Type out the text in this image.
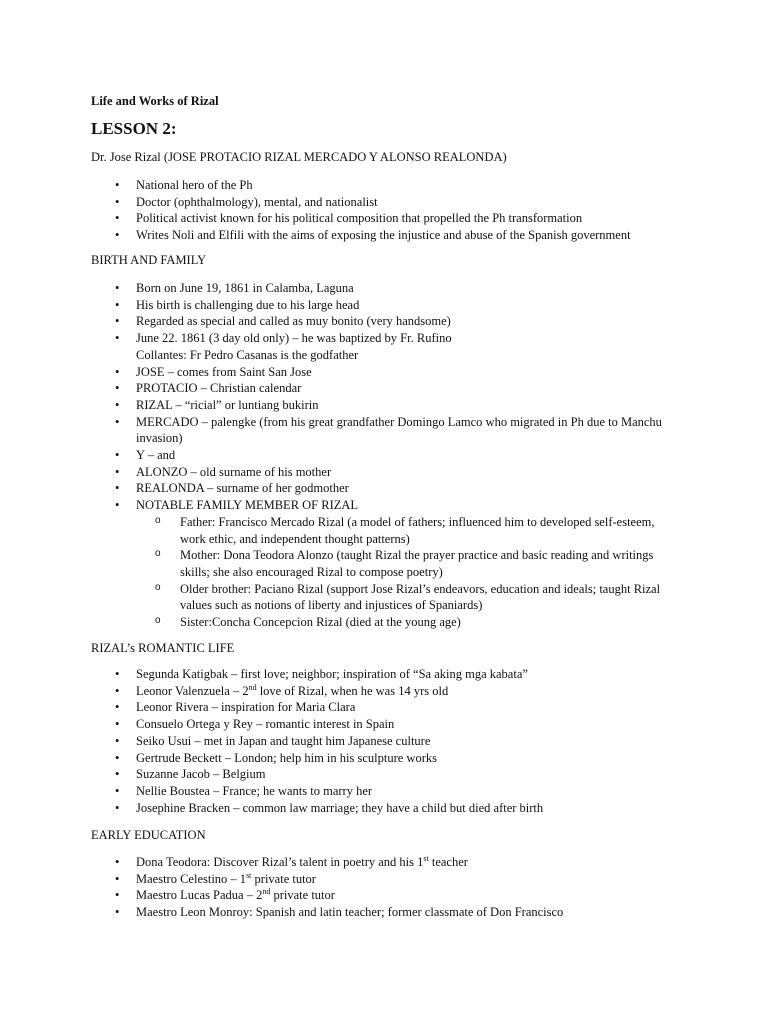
Life and Works of Rizal
LESSON 2:
Dr. Jose Rizal (JOSE PROTACIO RIZAL MERCADO Y ALONSO REALONDA)
• National hero of the Ph
• Doctor (ophthalmology), mental, and nationalist
• Political activist known for his political composition that propelled the Ph transformation
• Writes Noli and Elfili with the aims of exposing the injustice and abuse of the Spanish government
BIRTH AND FAMILY
• Born on June 19, 1861 in Calamba, Laguna
• His birth is challenging due to his large head
• Regarded as special and called as muy bonito (very handsome)
• June 22. 1861 (3 day old only) – he was baptized by Fr. Rufino Collantes: Fr Pedro Casanas is the godfather
• JOSE – comes from Saint San Jose
• PROTACIO – Christian calendar
• RIZAL – “ricial” or luntiang bukirin
• MERCADO – palengke (from his great grandfather Domingo Lamco who migrated in Ph due to Manchu invasion)
• Y – and
• ALONZO – old surname of his mother
• REALONDA – surname of her godmother
• NOTABLE FAMILY MEMBER OF RIZAL
o Father: Francisco Mercado Rizal (a model of fathers; influenced him to developed self-esteem, work ethic, and independent thought patterns)
o Mother: Dona Teodora Alonzo (taught Rizal the prayer practice and basic reading and writings skills; she also encouraged Rizal to compose poetry)
o Older brother: Paciano Rizal (support Jose Rizal’s endeavors, education and ideals; taught Rizal values such as notions of liberty and injustices of Spaniards)
o Sister:Concha Concepcion Rizal (died at the young age)
RIZAL’s ROMANTIC LIFE
• Segunda Katigbak – first love; neighbor; inspiration of “Sa aking mga kabata”
• Leonor Valenzuela – 2nd love of Rizal, when he was 14 yrs old
• Leonor Rivera – inspiration for Maria Clara
• Consuelo Ortega y Rey – romantic interest in Spain
• Seiko Usui – met in Japan and taught him Japanese culture
• Gertrude Beckett – London; help him in his sculpture works
• Suzanne Jacob – Belgium
• Nellie Boustea – France; he wants to marry her
• Josephine Bracken – common law marriage; they have a child but died after birth
EARLY EDUCATION
• Dona Teodora: Discover Rizal’s talent in poetry and his 1st teacher
• Maestro Celestino – 1st private tutor
• Maestro Lucas Padua – 2nd private tutor
• Maestro Leon Monroy: Spanish and latin teacher; former classmate of Don Francisco
